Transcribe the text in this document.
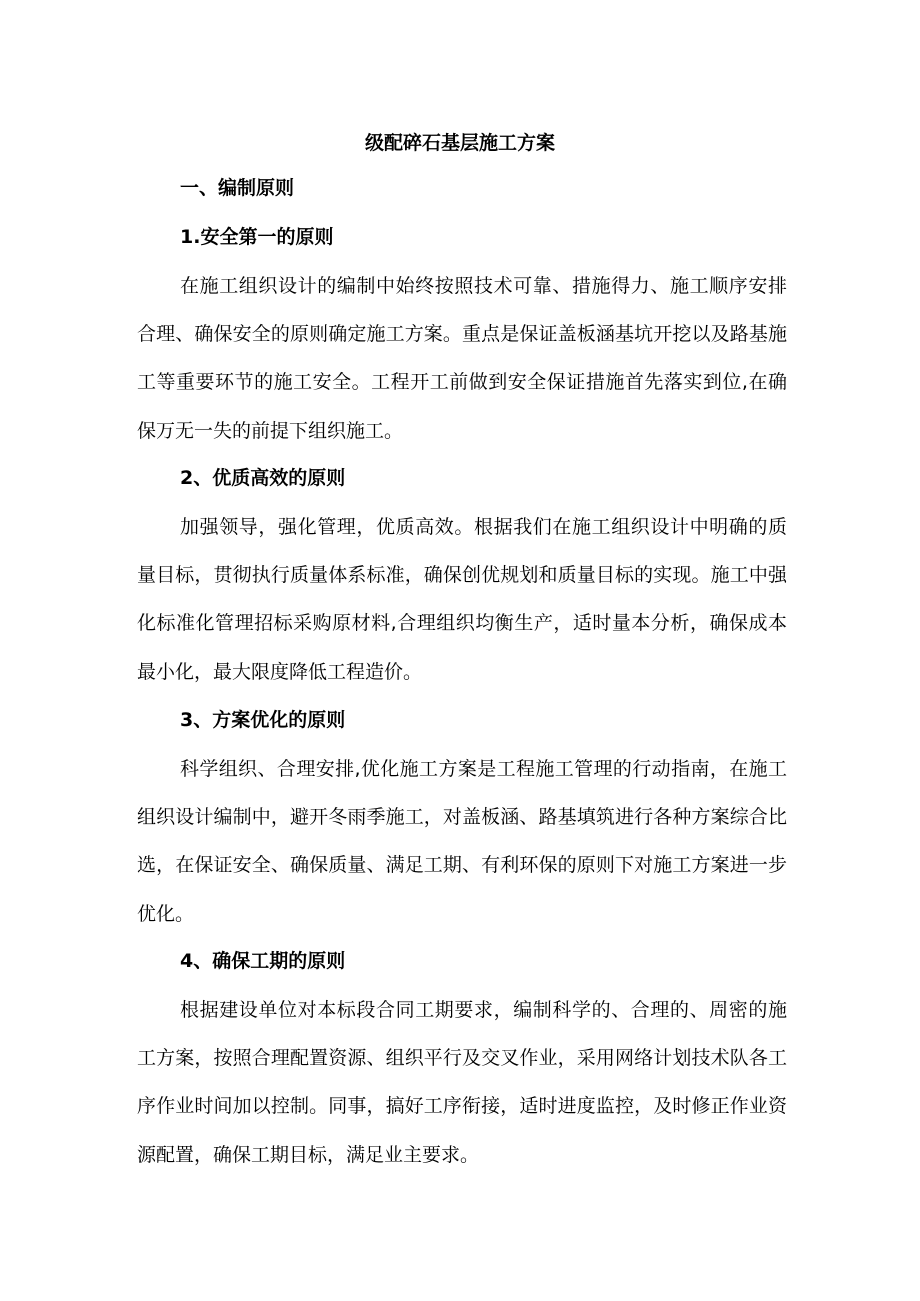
级配碎石基层施工方案
一、编制原则
1.安全第一的原则

在施工组织设计的编制中始终按照技术可靠、措施得力、施工顺序安排合理、确保安全的原则确定施工方案。重点是保证盖板涵基坑开挖以及路基施工等重要环节的施工安全。工程开工前做到安全保证措施首先落实到位,在确保万无一失的前提下组织施工。

2、优质高效的原则

加强领导，强化管理，优质高效。根据我们在施工组织设计中明确的质量目标，贯彻执行质量体系标准，确保创优规划和质量目标的实现。施工中强化标准化管理招标采购原材料,合理组织均衡生产，适时量本分析，确保成本最小化，最大限度降低工程造价。

3、方案优化的原则

科学组织、合理安排,优化施工方案是工程施工管理的行动指南，在施工组织设计编制中，避开冬雨季施工，对盖板涵、路基填筑进行各种方案综合比选，在保证安全、确保质量、满足工期、有利环保的原则下对施工方案进一步优化。

4、确保工期的原则

根据建设单位对本标段合同工期要求，编制科学的、合理的、周密的施工方案，按照合理配置资源、组织平行及交叉作业，采用网络计划技术队各工序作业时间加以控制。同事，搞好工序衔接，适时进度监控，及时修正作业资源配置，确保工期目标，满足业主要求。
